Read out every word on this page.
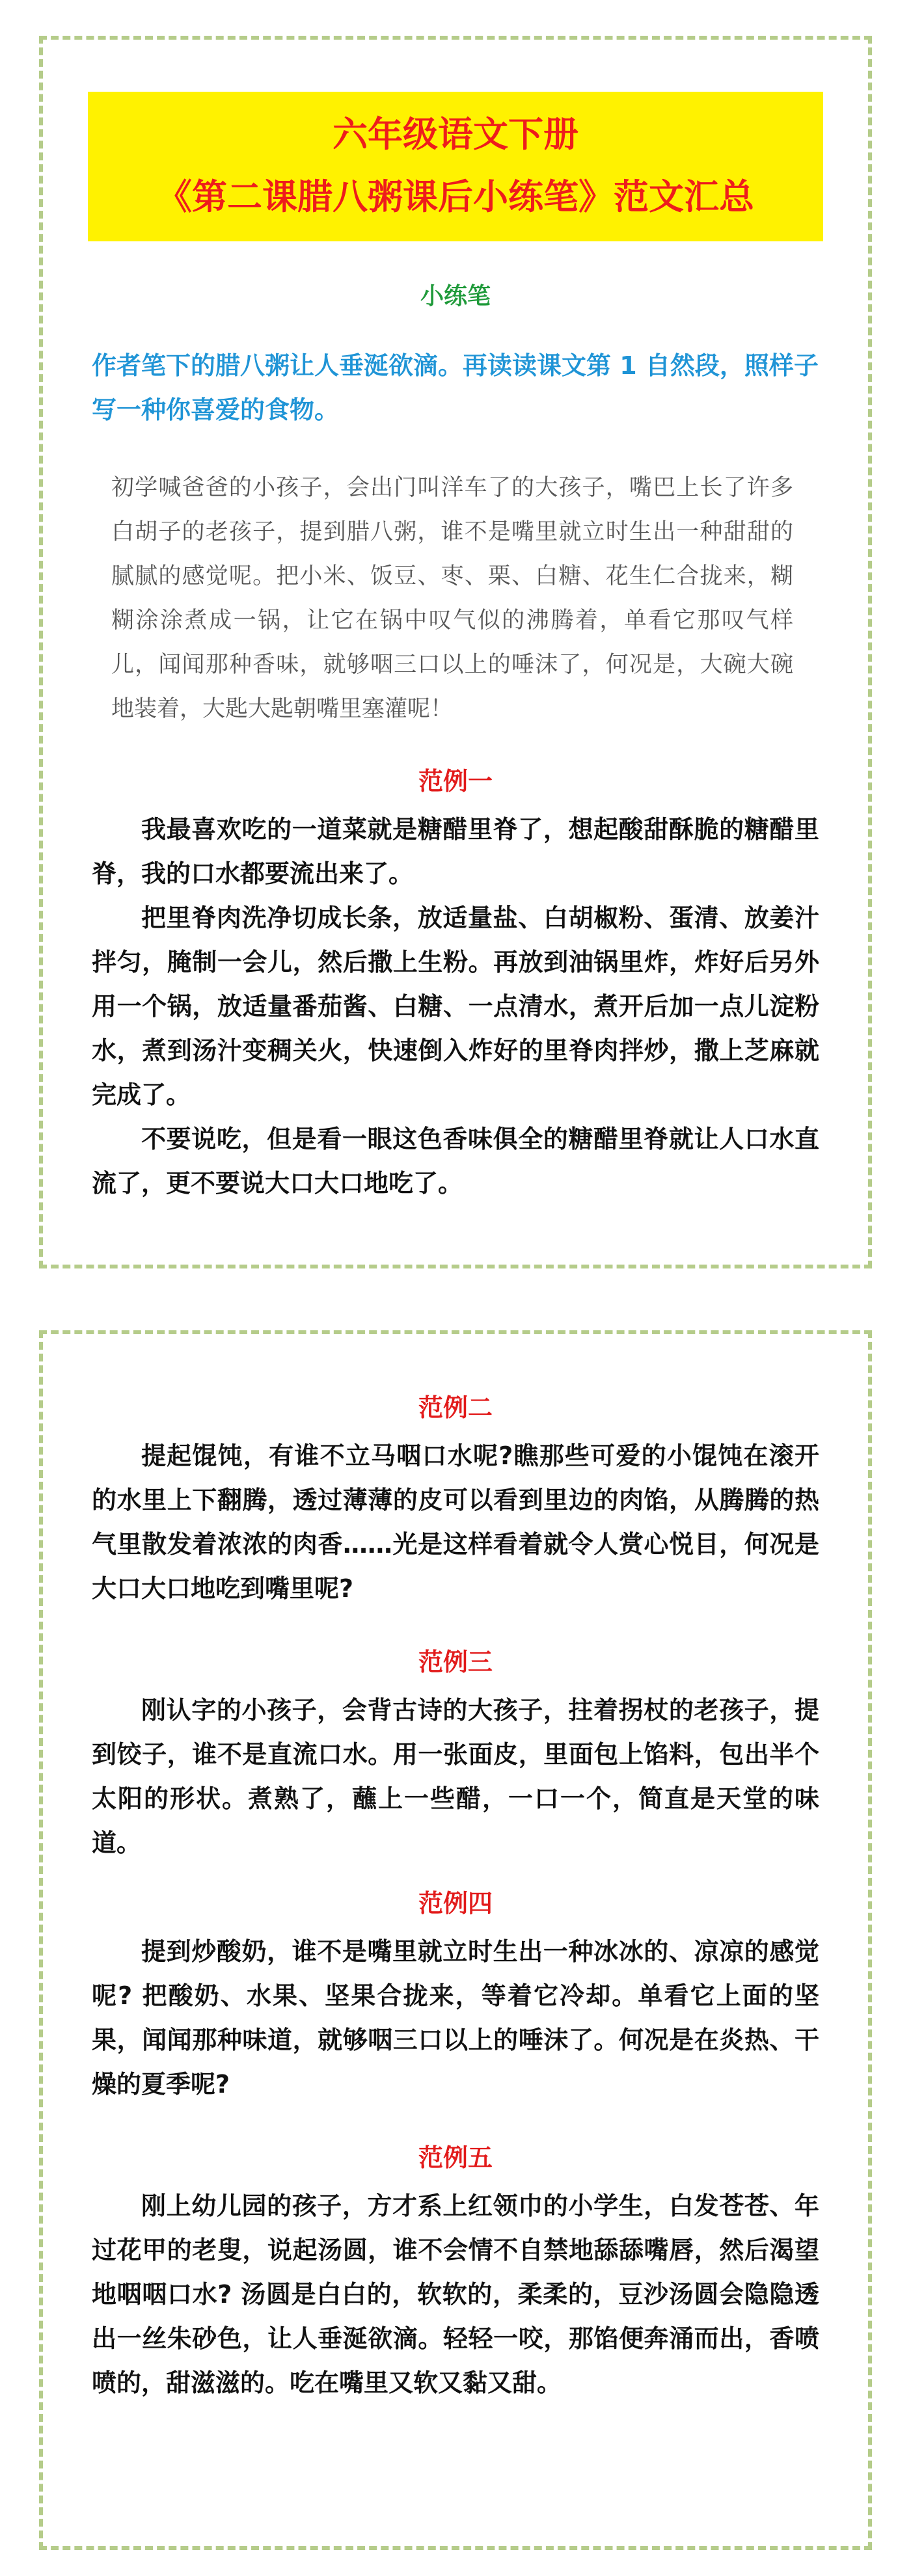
六年级语文下册
《第二课腊八粥课后小练笔》范文汇总
小练笔
作者笔下的腊八粥让人垂涎欲滴。再读读课文第 1 自然段，照样子写一种你喜爱的食物。
初学喊爸爸的小孩子，会出门叫洋车了的大孩子，嘴巴上长了许多白胡子的老孩子，提到腊八粥，谁不是嘴里就立时生出一种甜甜的腻腻的感觉呢。把小米、饭豆、枣、栗、白糖、花生仁合拢来，糊糊涂涂煮成一锅，让它在锅中叹气似的沸腾着，单看它那叹气样儿，闻闻那种香味，就够咽三口以上的唾沫了，何况是，大碗大碗地装着，大匙大匙朝嘴里塞灌呢！
范例一

我最喜欢吃的一道菜就是糖醋里脊了，想起酸甜酥脆的糖醋里脊，我的口水都要流出来了。

把里脊肉洗净切成长条，放适量盐、白胡椒粉、蛋清、放姜汁拌匀，腌制一会儿，然后撒上生粉。再放到油锅里炸，炸好后另外用一个锅，放适量番茄酱、白糖、一点清水，煮开后加一点儿淀粉水，煮到汤汁变稠关火，快速倒入炸好的里脊肉拌炒，撒上芝麻就完成了。

不要说吃，但是看一眼这色香味俱全的糖醋里脊就让人口水直流了，更不要说大口大口地吃了。

范例二

提起馄饨，有谁不立马咽口水呢?瞧那些可爱的小馄饨在滚开的水里上下翻腾，透过薄薄的皮可以看到里边的肉馅，从腾腾的热气里散发着浓浓的肉香……光是这样看着就令人赏心悦目，何况是大口大口地吃到嘴里呢?

范例三

刚认字的小孩子，会背古诗的大孩子，拄着拐杖的老孩子，提到饺子，谁不是直流口水。用一张面皮，里面包上馅料，包出半个太阳的形状。煮熟了，蘸上一些醋，一口一个，简直是天堂的味道。

范例四

提到炒酸奶，谁不是嘴里就立时生出一种冰冰的、凉凉的感觉呢? 把酸奶、水果、坚果合拢来，等着它冷却。单看它上面的坚果，闻闻那种味道，就够咽三口以上的唾沫了。何况是在炎热、干燥的夏季呢?

范例五

刚上幼儿园的孩子，方才系上红领巾的小学生，白发苍苍、年过花甲的老叟，说起汤圆，谁不会情不自禁地舔舔嘴唇，然后渴望地咽咽口水? 汤圆是白白的，软软的，柔柔的，豆沙汤圆会隐隐透出一丝朱砂色，让人垂涎欲滴。轻轻一咬，那馅便奔涌而出，香喷喷的，甜滋滋的。吃在嘴里又软又黏又甜。
